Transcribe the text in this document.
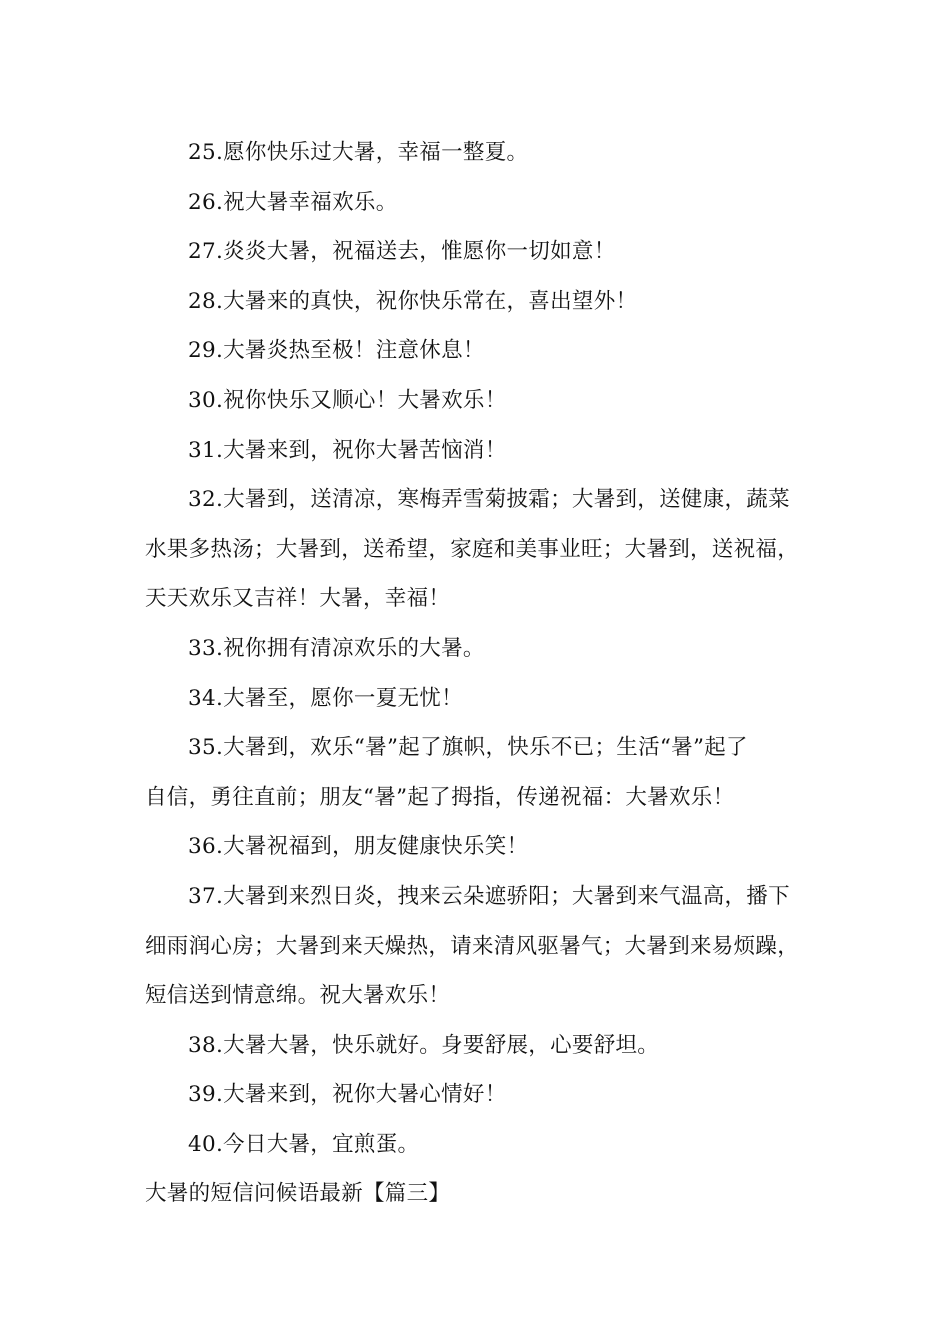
25.愿你快乐过大暑，幸福一整夏。
26.祝大暑幸福欢乐。
27.炎炎大暑，祝福送去，惟愿你一切如意！
28.大暑来的真快，祝你快乐常在，喜出望外！
29.大暑炎热至极！注意休息！
30.祝你快乐又顺心！大暑欢乐！
31.大暑来到，祝你大暑苦恼消！
32.大暑到，送清凉，寒梅弄雪菊披霜；大暑到，送健康，蔬菜
水果多热汤；大暑到，送希望，家庭和美事业旺；大暑到，送祝福，
天天欢乐又吉祥！大暑，幸福！
33.祝你拥有清凉欢乐的大暑。
34.大暑至，愿你一夏无忧！
35.大暑到，欢乐“暑”起了旗帜，快乐不已；生活“暑”起了
自信，勇往直前；朋友“暑”起了拇指，传递祝福：大暑欢乐！
36.大暑祝福到，朋友健康快乐笑！
37.大暑到来烈日炎，拽来云朵遮骄阳；大暑到来气温高，播下
细雨润心房；大暑到来天燥热，请来清风驱暑气；大暑到来易烦躁，
短信送到情意绵。祝大暑欢乐！
38.大暑大暑，快乐就好。身要舒展，心要舒坦。
39.大暑来到，祝你大暑心情好！
40.今日大暑，宜煎蛋。
大暑的短信问候语最新【篇三】
